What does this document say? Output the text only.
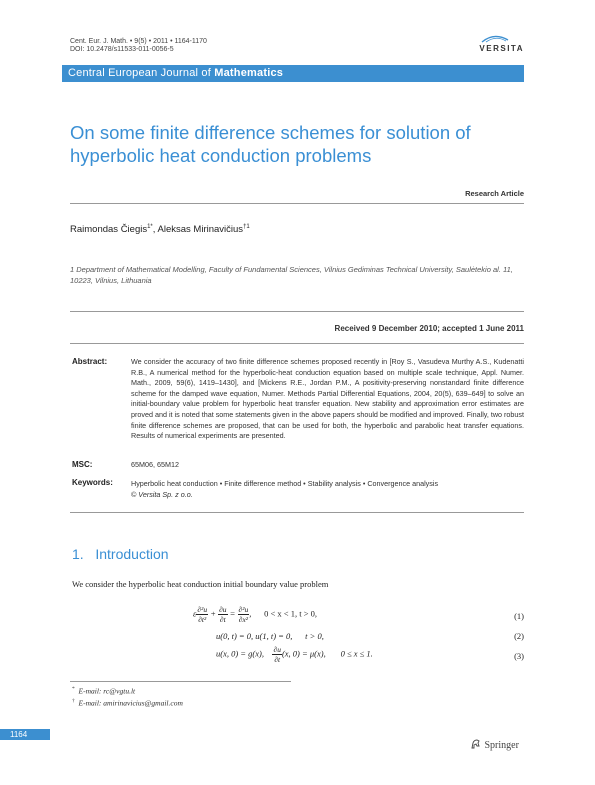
Cent. Eur. J. Math. • 9(5) • 2011 • 1164-1170
DOI: 10.2478/s11533-011-0056-5	VERSITA
Central European Journal of Mathematics
On some finite difference schemes for solution of hyperbolic heat conduction problems
Research Article
Raimondas Čiegis$^{1*}$, Aleksas Mirinavičius$^{\dagger 1}$
1 Department of Mathematical Modelling, Faculty of Fundamental Sciences, Vilnius Gediminas Technical University, Saulėtekio al. 11, 10223, Vilnius, Lithuania
Received 9 December 2010; accepted 1 June 2011
Abstract:	We consider the accuracy of two finite difference schemes proposed recently in [Roy S., Vasudeva Murthy A.S., Kudenatti R.B., A numerical method for the hyperbolic-heat conduction equation based on multiple scale technique, Appl. Numer. Math., 2009, 59(6), 1419–1430], and [Mickens R.E., Jordan P.M., A positivity-preserving nonstandard finite difference scheme for the damped wave equation, Numer. Methods Partial Differential Equations, 2004, 20(5), 639–649] to solve an initial-boundary value problem for hyperbolic heat transfer equation. New stability and approximation error estimates are proved and it is noted that some statements given in the above papers should be modified and improved. Finally, two robust finite difference schemes are proposed, that can be used for both, the hyperbolic and parabolic heat transfer equations. Results of numerical experiments are presented.
MSC:	65M06, 65M12
Keywords:	Hyperbolic heat conduction • Finite difference method • Stability analysis • Convergence analysis
© Versita Sp. z o.o.
1. Introduction
We consider the hyperbolic heat conduction initial boundary value problem
ε $\frac{\text{∂²u}}{\text{∂t²}} + \frac{\partial u}{\partial t} = \frac{\text{∂²u}}{\text{∂x²}}$ ,      0 < x < 1, t > 0,	(1)
u(0, t) = 0, u(1, t) = 0, t > 0,	(2)
u(x, 0) = g(x), $\frac{\partial u}{\partial t} (x$, 0) = μ(x), 0 ≤ x ≤ 1.	(3)
* E-mail: rc@vgtu.lt
† E-mail: amirinavicius@gmail.com
1164
Springer
